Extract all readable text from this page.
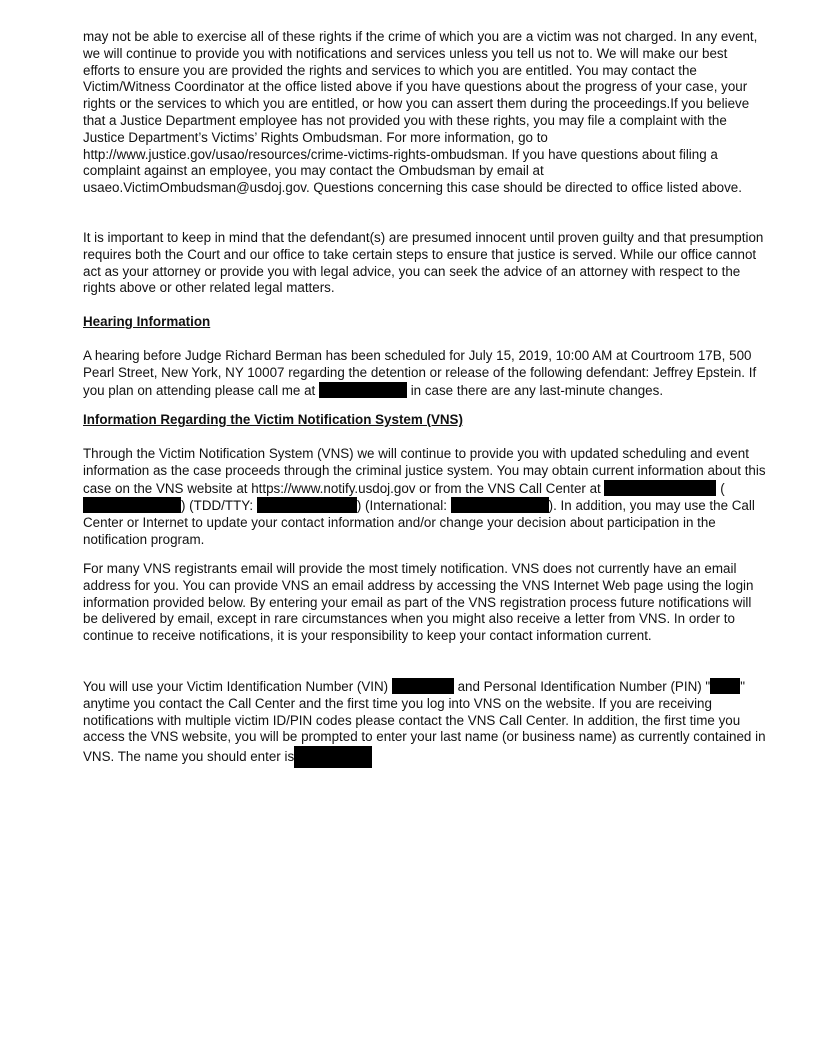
may not be able to exercise all of these rights if the crime of which you are a victim was not charged. In any event, we will continue to provide you with notifications and services unless you tell us not to. We will make our best efforts to ensure you are provided the rights and services to which you are entitled. You may contact the Victim/Witness Coordinator at the office listed above if you have questions about the progress of your case, your rights or the services to which you are entitled, or how you can assert them during the proceedings.If you believe that a Justice Department employee has not provided you with these rights, you may file a complaint with the Justice Department’s Victims’ Rights Ombudsman. For more information, go to http://www.justice.gov/usao/resources/crime-victims-rights-ombudsman. If you have questions about filing a complaint against an employee, you may contact the Ombudsman by email at usaeo.VictimOmbudsman@usdoj.gov. Questions concerning this case should be directed to office listed above.

It is important to keep in mind that the defendant(s) are presumed innocent until proven guilty and that presumption requires both the Court and our office to take certain steps to ensure that justice is served. While our office cannot act as your attorney or provide you with legal advice, you can seek the advice of an attorney with respect to the rights above or other related legal matters.

Hearing Information

A hearing before Judge Richard Berman has been scheduled for July 15, 2019, 10:00 AM at Courtroom 17B, 500 Pearl Street, New York, NY 10007 regarding the detention or release of the following defendant: Jeffrey Epstein. If you plan on attending please call me at	in case there are any last-minute changes.

Information Regarding the Victim Notification System (VNS)

Through the Victim Notification System (VNS) we will continue to provide you with updated scheduling and event information as the case proceeds through the criminal justice system. You may obtain current information about this case on the VNS website at https://www.notify.usdoj.gov or from the VNS Call Center at	() (TDD/TTY:	) (International:	). In addition, you may use the Call Center or Internet to update your contact information and/or change your decision about participation in the notification program.

For many VNS registrants email will provide the most timely notification. VNS does not currently have an email address for you. You can provide VNS an email address by accessing the VNS Internet Web page using the login information provided below. By entering your email as part of the VNS registration process future notifications will be delivered by email, except in rare circumstances when you might also receive a letter from VNS. In order to continue to receive notifications, it is your responsibility to keep your contact information current.

You will use your Victim Identification Number (VIN)	and Personal Identification Number (PIN) " " anytime you contact the Call Center and the first time you log into VNS on the website. If you are receiving notifications with multiple victim ID/PIN codes please contact the VNS Call Center. In addition, the first time you access the VNS website, you will be prompted to enter your last name (or business name) as currently contained in VNS. The name you should enter is
